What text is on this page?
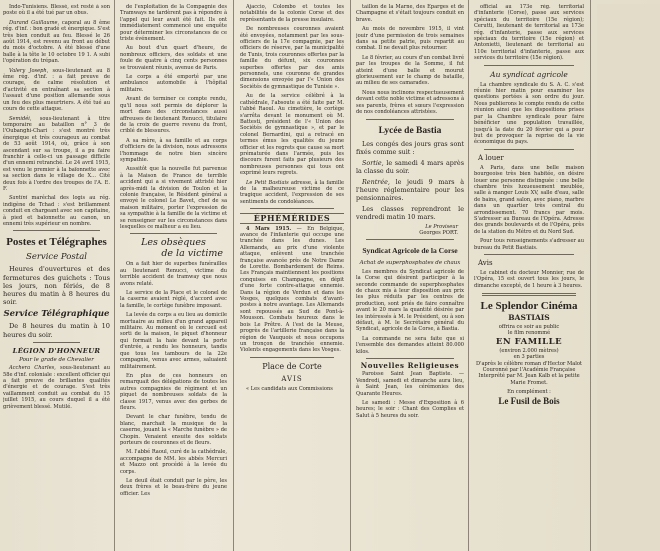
Indo-Tunisiens. Blessé, est resté à son poste où il a été tué par un obus.

Durand Guillaume, caporal au 8 ème rég. d'inf. : bon gradé et énergique. S'est très bien conduit au feu. Blessé le 26 août 1914, est revenu au front au début du mois d'octobre. A été blessé d'une balle à la tête le 10 octobre 19 1. A subi l'opération du trépan.

Valery Joseph, sous-lieutenant au 8 ème rég. d'inf. : a fait preuve de courage, de calme résolution et d'activité en entraînant sa section à l'assaut d'une position allemande sous un feu des plus meurtriers. A été tué au cours de cette attaque.

Semidéi, sous-lieutenant à titre temporaire au bataillon n° 3 de l'Oubanghi-Chari : s'est montré très énergique et très courageux au combat de 53 août 1914, où, grâce à son ascendant sur sa troupe, il a pu faire franchir à celle-ci un passage difficile d'un ennemi retranché. Le 24 avril 1915, est venu le premier à la baïonnette avec sa section dans le village de X... Cité deux fois à l'ordre des troupes de l'A. E. F.

Santini maréchal des logis au rég. indigène de Tchad : s'est brillamment conduit en chargeant avec son capitaine, à pied et baïonnette au canon, un ennemi très supérieur en nombre.

Postes et Télégraphes
Service Postal

Heures d'ouvertures et des fermetures des guichets : Tous les jours, non fériés, de 8 heures du matin à 8 heures du soir.

Service Télégraphique

De 8 heures du matin à 10 heures du soir.

LÉGION D'HONNEUR
Pour le grade de Chevalier

Acchera Charles, sous-lieutenant au 58e d'inf. coloniale : excellent officier qui a fait preuve de brillantes qualités d'énergie et de courage. S'est très vaillamment conduit au combat du 15 juillet 1915, au cours duquel il a été grièvement blessé. Mutilé.

de l'exploitation de la Compagnie des Tramways ne tardèrent pas à répondre à l'appel qui leur avait été fait. Ils ont immédiatement commencé une enquête pour déterminer les circonstances de ce triste événement.

Au bout d'un quart d'heure, de nombreux officiers, des soldats et une foule de quatre à cinq cents personnes se trouvaient réunis, avenue de Paris.

Le corps a été emporté par une ambulance automobile à l'hôpital militaire.

Avant de terminer ce compte rendu, qu'il nous soit permis de déplorer la mort dans des circonstances aussi affreuses de lieutenant Renucci, titulaire de la croix de guerre revenu du front, criblé de blessures.

A sa mère, à sa famille et au corps d'officiers de la division, nous adressons l'hommage de notre bien sincère sympathie.

Aussitôt que la nouvelle fut parvenue à la Maison de France de terrible accident qui a si vivement attristé hier après-midi la division de Toulon et la colonie française, le Résident général a envoyé le colonel Le Bavet, chef de sa maison militaire, porter l'expression de sa sympathie à la famille de la victime et se renseigner sur les circonstances dans lesquelles ce malheur a eu lieu.

Les obsèques
de la victime

On a fait hier de superbes funérailles au lieutenant Renucci, victime du terrible accident de tramway que nous avons relaté.

Le service de la Place et le colonel de la caserne avaient réglé, d'accord avec la famille, le cortège funèbre imposant.

La levée du corps a eu lieu au domicile mortuaire au milieu d'un grand appareil militaire. Au moment où le cercueil est sorti de la maison, le piquet d'honneur qui formait la haie devant la porte d'entrée, a rendu les honneurs, tandis que tous les tambours de la 22e compagnie, venus avec armes, saluaient militairement.

En plus de ces honneurs on remarquait des délégations de toutes les autres compagnies de régiment et un piquet de nombreuses soldats de la classe 1917, venus avec des gerbes de fleurs.

Devant le char funèbre, tendu de blanc, marchait la musique de la caserne, jouant la « Marche funèbre » de Chopin. Venaient ensuite des soldats porteurs de couronnes et de fleurs.

M. l'abbé Raoul, curé de la cathédrale, accompagne de MM. les abbés Mercuri et Mazzo ont procédé à la levée du corps.

Le deuil était conduit par le père, les deux frères et le beau-frère du jeune officier. Les

Ajaccio, Colombo et toutes les notabilités de la colonie Corse et des représentants de la presse insulaire.

De nombreuses couronnes avaient été envoyées, notamment par les sous-officiers de la 17e compagnie, par les officiers de réserve, par la municipalité de Tunis, trois couronnes offertes par la famille du défunt, six couronnes superbes offertes par des amis personnels, une couronne de grandes dimensions envoyée par l'« Union des Sociétés de gymnastique de Tunisie ».

Au de la service célébré à la cathédrale, l'absoute a été faite par M. l'abbé Raoul. Au cimetière, le cortège s'arrêta devant le monument où M. Battesti, président de l'« Union des Sociétés de gymnastique », et par le colonel Bernardini, qui a retracé en termes émus les qualités du jeune officier et les regrets que cause sa mort prématurée dans l'armée, puis les discours furent faits par plusieurs des nombreuses personnes qui tous ont exprimé leurs regrets.

Le Petit Bastiais adresse, à la famille de la malheureuse victime de ce tragique accident, l'expression de ses sentiments de condoléances.

ÉPHÉMÉRIDES

4 Mars 1915. — En Belgique, avance de l'infanterie qui occupe une tranchée dans les dunes. Les Allemands, au prix d'une violente attaque, enlèvent une tranchée française avancée près de Notre Dame de Lorette. Bombardement de Reims. Les Français maintiennent les positions conquises en Champagne, en dépit d'une forte contre-attaque ennemie. Dans la région de Verdun et dans les Vosges, quelques combats d'avant-postes à notre avantage. Les Allemands sont repoussés au Sud de Pont-à-Mousson. Combats heureux dans le bois Le Prêtre. A l'est de la Meuse, progrès de l'artillerie française dans la région de Vauquois et nous occupons un tronçon de tranchée ennemie. Violents engagements dans les Vosges.

Place de Corte
AVIS

« Les candidats aux Commissions

taillon de la Marne, des Éparges et de Champagne et s'était toujours conduit en brave.

Au mois de novembre 1915, il vint jouir d'une permission de trois semaines dans sa petite patrie, puis repartit au combat. Il ne devait plus retourner.

Le 8 février, au cours d'un combat livré par les troupes de la Somme, il fut atteint d'une balle et mourut glorieusement sur le champ de bataille, au milieu de ses camarades.

Nous nous inclinons respectueusement devant cette noble victime et adressons à ses parents, frères et sœurs l'expression de nos condoléances attristées.

Lycée de Bastia

Les congés des jours gras sont fixés comme suit :

Sortie, le samedi 4 mars après la classe du soir.

Rentrée, le jeudi 9 mars à l'heure réglementaire pour les pensionnaires.

Les classes reprendront le vendredi matin 10 mars.

Le Proviseur
Georges PORT.
Syndicat Agricole de la Corse
Achat de superphosphates de chaux

Les membres du Syndicat agricole de la Corse qui désirent participer à la seconde commande de superphosphates de chaux mis à leur disposition aux prix les plus réduits par les centres de production, sont priés de faire connaître avant le 20 mars la quantité désirée par les intéressés à M. le Président, ou à son défaut, à M. le Secrétaire général du Syndicat, agricole de la Corse, à Bastia.

La commande ne sera faite que si l'ensemble des demandes atteint 80.000 kilos.

Nouvelles Religieuses

Paroisse Saint Jean Baptiste. — Vendredi, samedi et dimanche aura lieu, à Saint Jean, les cérémonies des Quarante Heures.

Le samedi : Messe d'Exposition à 6 heures; le soir : Chant des Complies et Salut à 5 heures du soir.

official au 173e rég. territorial d'infanterie (Corse), passe aux services spéciaux du territoire (15e région); Cerutti, lieutenant de territorial au 173e rég. d'infanterie, passe aux services spéciaux du territoire (15e région) et Antonietti, lieutenant de territorial au 110e territorial d'infanterie, passe aux services du territoire (15e région).

Au syndicat agricole

La chambre syndicale du S. A. C. s'est réunie hier matin pour examiner les questions portées à son ordre du jour. Nous publierons le compte rendu de cette réunion ainsi que les dispositions prises par la Chambre syndicale pour faire bénéficier une population travaillée, jusqu'à la date du 20 février qui a pour but de provoquer la reprise de la vie économique du pays.

A louer

A Paris, dans une belle maison bourgeoise très bien habitée, on désire louer une personne distinguée : une belle chambre très luxueusement meublée, salle à manger Louis XV, salle d'eau, salle de bains, grand salon, avec piano, marbre dans un quartier très central du arrondissement. 70 francs par mois. S'adresser au Bureau de l'Opéra. Adresse des grands boulevards et de l'Opéra, près de la station du Métro et du Nord Sud.

Pour tous renseignements s'adresser au bureau du Petit Bastiais.

Avis

Le cabinet du docteur Monnier, rue de l'Opéra, 15 est ouvert tous les jours, le dimanche excepté, de 1 heure à 3 heures.

Le Splendor Cinéma
BASTIAIS
offrira ce soir au public
le film renommé
EN FAMILLE
(environ 2.000 mètres)
en 3 parties
D'après le célèbre roman d'Hector Malot
Couronné par l'Académie Française
Interprété par M. Jean Kalb et la petite Marie Fromet.
En complément :
Le Fusil de Bois
